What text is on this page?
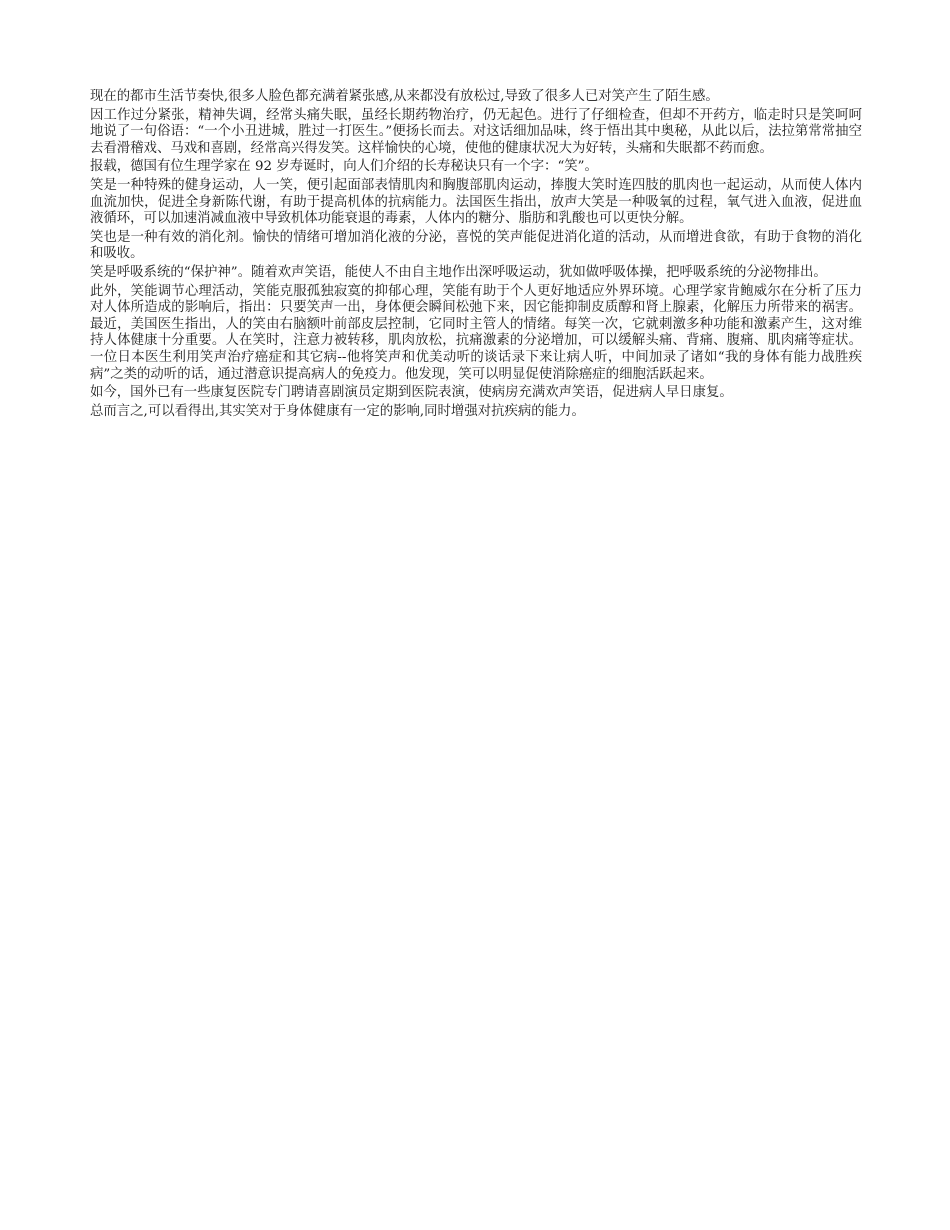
现在的都市生活节奏快,很多人脸色都充满着紧张感,从来都没有放松过,导致了很多人已对笑产生了陌生感。

因工作过分紧张，精神失调，经常头痛失眠，虽经长期药物治疗，仍无起色。进行了仔细检查，但却不开药方，临走时只是笑呵呵地说了一句俗语：“一个小丑进城，胜过一打医生。”便扬长而去。对这话细加品味，终于悟出其中奥秘，从此以后，法拉第常常抽空去看滑稽戏、马戏和喜剧，经常高兴得发笑。这样愉快的心境，使他的健康状况大为好转，头痛和失眠都不药而愈。

报载，德国有位生理学家在 92 岁寿诞时，向人们介绍的长寿秘诀只有一个字：“笑”。

笑是一种特殊的健身运动，人一笑，便引起面部表情肌肉和胸腹部肌肉运动，捧腹大笑时连四肢的肌肉也一起运动，从而使人体内血流加快，促进全身新陈代谢，有助于提高机体的抗病能力。法国医生指出，放声大笑是一种吸氧的过程，氧气进入血液，促进血液循环，可以加速消减血液中导致机体功能衰退的毒素，人体内的糖分、脂肪和乳酸也可以更快分解。

笑也是一种有效的消化剂。愉快的情绪可增加消化液的分泌，喜悦的笑声能促进消化道的活动，从而增进食欲，有助于食物的消化和吸收。

笑是呼吸系统的“保护神”。随着欢声笑语，能使人不由自主地作出深呼吸运动，犹如做呼吸体操，把呼吸系统的分泌物排出。

此外，笑能调节心理活动，笑能克服孤独寂寞的抑郁心理，笑能有助于个人更好地适应外界环境。心理学家肯鲍威尔在分析了压力对人体所造成的影响后，指出：只要笑声一出，身体便会瞬间松弛下来，因它能抑制皮质醇和肾上腺素，化解压力所带来的祸害。最近，美国医生指出，人的笑由右脑额叶前部皮层控制，它同时主管人的情绪。每笑一次，它就刺激多种功能和激素产生，这对维持人体健康十分重要。人在笑时，注意力被转移，肌肉放松，抗痛激素的分泌增加，可以缓解头痛、背痛、腹痛、肌肉痛等症状。一位日本医生利用笑声治疗癌症和其它病--他将笑声和优美动听的谈话录下来让病人听，中间加录了诸如“我的身体有能力战胜疾病”之类的动听的话，通过潜意识提高病人的免疫力。他发现，笑可以明显促使消除癌症的细胞活跃起来。

如今，国外已有一些康复医院专门聘请喜剧演员定期到医院表演，使病房充满欢声笑语，促进病人早日康复。

总而言之,可以看得出,其实笑对于身体健康有一定的影响,同时增强对抗疾病的能力。
